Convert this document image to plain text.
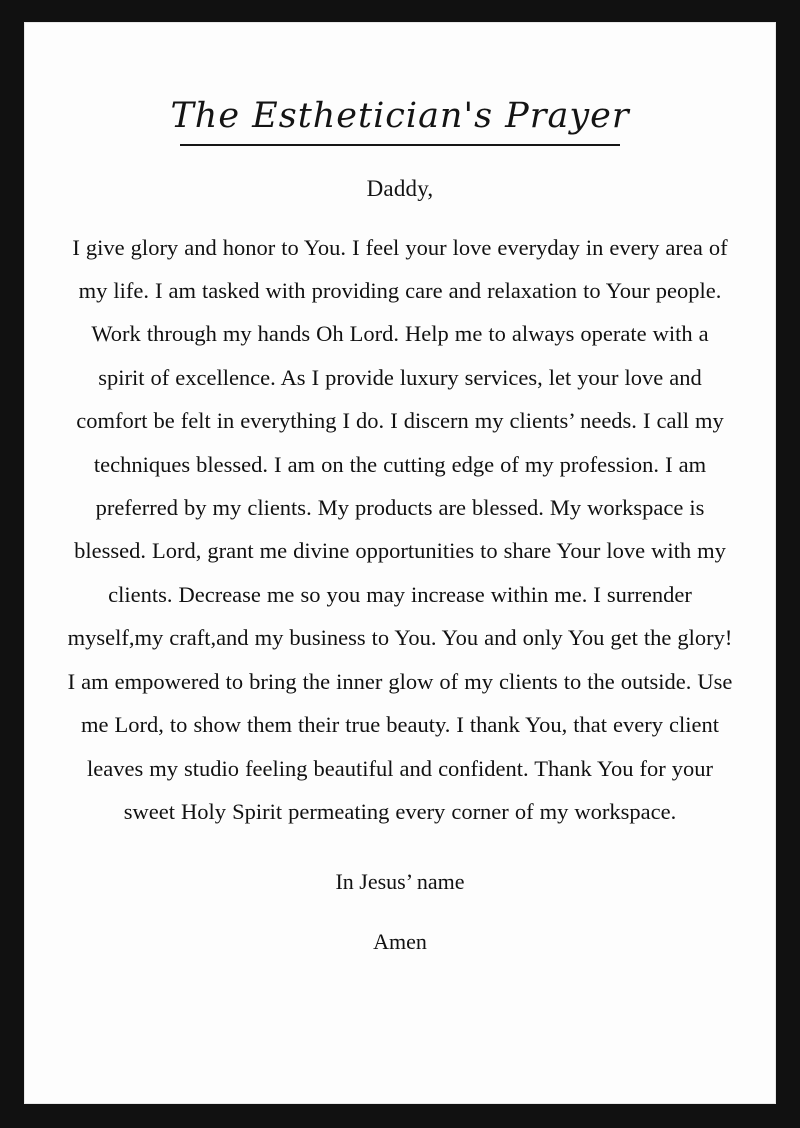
The Esthetician's Prayer
Daddy,
I give glory and honor to You. I feel your love everyday in every area of my life. I am tasked with providing care and relaxation to Your people. Work through my hands Oh Lord. Help me to always operate with a spirit of excellence. As I provide luxury services, let your love and comfort be felt in everything I do. I discern my clients’ needs. I call my techniques blessed. I am on the cutting edge of my profession. I am preferred by my clients. My products are blessed. My workspace is blessed. Lord, grant me divine opportunities to share Your love with my clients. Decrease me so you may increase within me. I surrender myself,my craft,and my business to You. You and only You get the glory! I am empowered to bring the inner glow of my clients to the outside. Use me Lord, to show them their true beauty. I thank You, that every client leaves my studio feeling beautiful and confident. Thank You for your sweet Holy Spirit permeating every corner of my workspace.
In Jesus’ name
Amen
